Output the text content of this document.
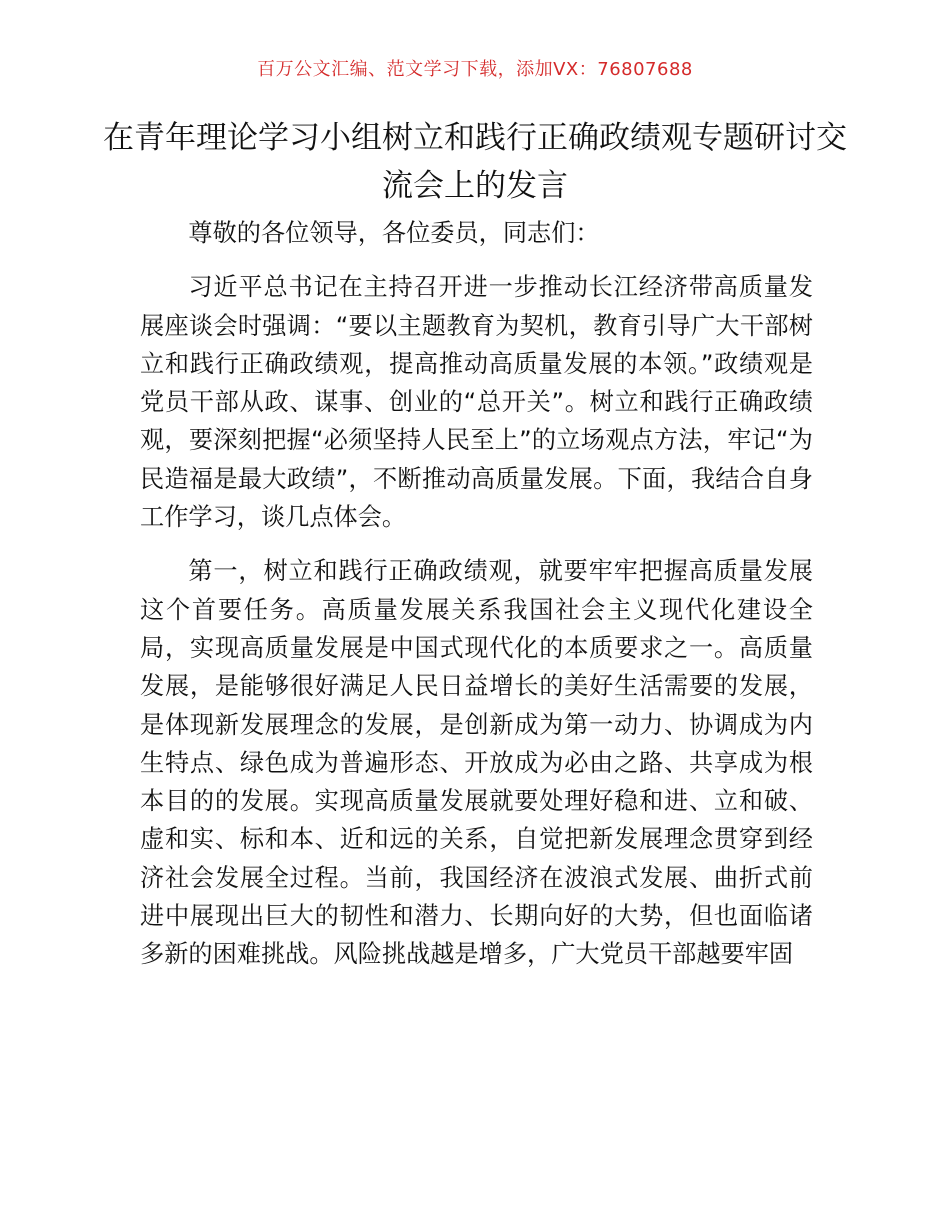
百万公文汇编、范文学习下载，添加VX：76807688
在青年理论学习小组树立和践行正确政绩观专题研讨交流会上的发言

尊敬的各位领导，各位委员，同志们：

习近平总书记在主持召开进一步推动长江经济带高质量发展座谈会时强调：“要以主题教育为契机，教育引导广大干部树立和践行正确政绩观，提高推动高质量发展的本领。”政绩观是党员干部从政、谋事、创业的“总开关”。树立和践行正确政绩观，要深刻把握“必须坚持人民至上”的立场观点方法，牢记“为民造福是最大政绩”，不断推动高质量发展。下面，我结合自身工作学习，谈几点体会。

第一，树立和践行正确政绩观，就要牢牢把握高质量发展这个首要任务。高质量发展关系我国社会主义现代化建设全局，实现高质量发展是中国式现代化的本质要求之一。高质量发展，是能够很好满足人民日益增长的美好生活需要的发展，是体现新发展理念的发展，是创新成为第一动力、协调成为内生特点、绿色成为普遍形态、开放成为必由之路、共享成为根本目的的发展。实现高质量发展就要处理好稳和进、立和破、虚和实、标和本、近和远的关系，自觉把新发展理念贯穿到经济社会发展全过程。当前，我国经济在波浪式发展、曲折式前进中展现出巨大的韧性和潜力、长期向好的大势，但也面临诸多新的困难挑战。风险挑战越是增多，广大党员干部越要牢固
